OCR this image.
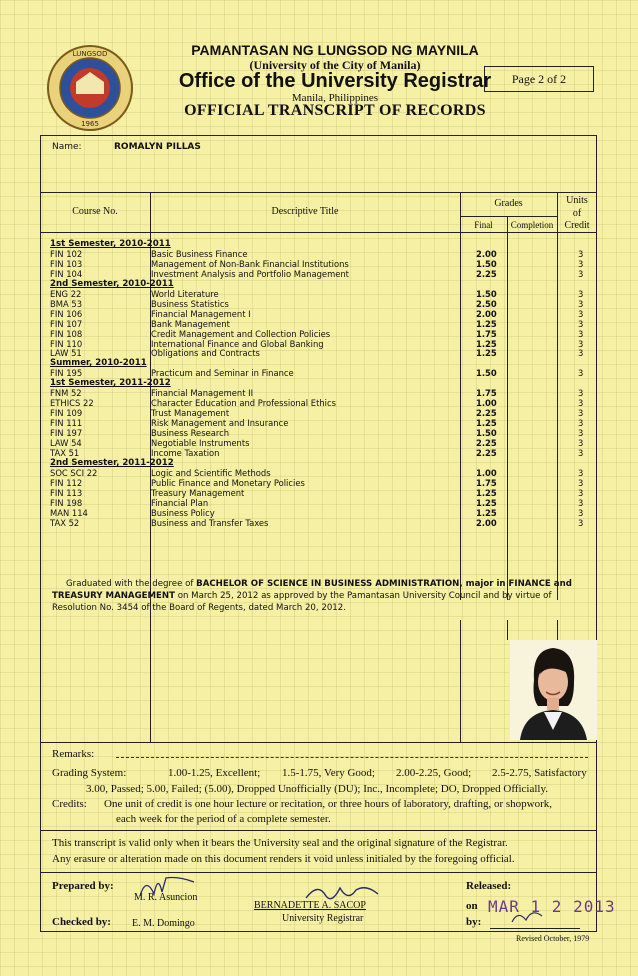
LUNGSOD
1965
PAMANTASAN NG LUNGSOD NG MAYNILA
(University of the City of Manila)
Office of the University Registrar
Manila, Philippines
OFFICIAL TRANSCRIPT OF RECORDS
Page 2 of 2
Name:	ROMALYN PILLAS
Course No.	Descriptive Title
Grades
Final	Completion
Units
of
Credit
1st Semester, 2010-2011
FIN 102	Basic Business Finance	2.00	3
FIN 103	Management of Non-Bank Financial Institutions	1.50	3
FIN 104	Investment Analysis and Portfolio Management	2.25	3
2nd Semester, 2010-2011
ENG 22	World Literature	1.50	3
BMA 53	Business Statistics	2.50	3
FIN 106	Financial Management I	2.00	3
FIN 107	Bank Management	1.25	3
FIN 108	Credit Management and Collection Policies	1.75	3
FIN 110	International Finance and Global Banking	1.25	3
LAW 51	Obligations and Contracts	1.25	3
Summer, 2010-2011
FIN 195	Practicum and Seminar in Finance	1.50	3
1st Semester, 2011-2012
FNM 52	Financial Management II	1.75	3
ETHICS 22	Character Education and Professional Ethics	1.00	3
FIN 109	Trust Management	2.25	3
FIN 111	Risk Management and Insurance	1.25	3
FIN 197	Business Research	1.50	3
LAW 54	Negotiable Instruments	2.25	3
TAX 51	Income Taxation	2.25	3
2nd Semester, 2011-2012
SOC SCI 22	Logic and Scientific Methods	1.00	3
FIN 112	Public Finance and Monetary Policies	1.75	3
FIN 113	Treasury Management	1.25	3
FIN 198	Financial Plan	1.25	3
MAN 114	Business Policy	1.25	3
TAX 52	Business and Transfer Taxes	2.00	3
Graduated with the degree of BACHELOR OF SCIENCE IN BUSINESS ADMINISTRATION, major in FINANCE and TREASURY MANAGEMENT on March 25, 2012 as approved by the Pamantasan University Council and by virtue of Resolution No. 3454 of the Board of Regents, dated March 20, 2012.
Remarks:
Grading System:	1.00-1.25, Excellent; 1.5-1.75, Very Good; 2.00-2.25, Good; 2.5-2.75, Satisfactory
3.00, Passed; 5.00, Failed; (5.00), Dropped Unofficially (DU); Inc., Incomplete; DO, Dropped Officially.
Credits: One unit of credit is one hour lecture or recitation, or three hours of laboratory, drafting, or shopwork,
each week for the period of a complete semester.
This transcript is valid only when it bears the University seal and the original signature of the Registrar.
Any erasure or alteration made on this document renders it void unless initialed by the foregoing official.
Prepared by:
M. R. Asuncion
Checked by: E. M. Domingo
BERNADETTE A. SACOP
University Registrar
Released:
on MAR 1 2 2013
by:
Revised October, 1979
